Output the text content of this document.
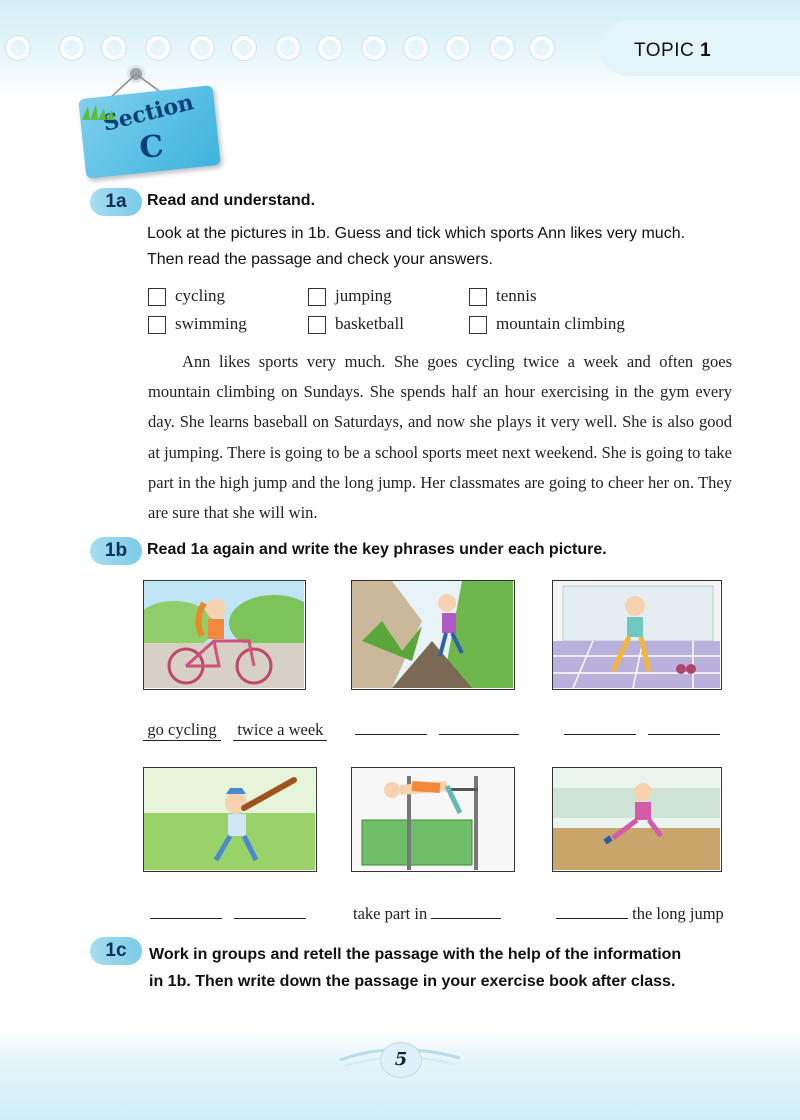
TOPIC 1
Section
C
1a	Read and understand.
Look at the pictures in 1b. Guess and tick which sports Ann likes very much.
Then read the passage and check your answers.
cycling	jumping	tennis
swimming	basketball	mountain climbing
Ann likes sports very much. She goes cycling twice a week and often goes mountain climbing on Sundays. She spends half an hour exercising in the gym every day. She learns baseball on Saturdays, and now she plays it very well. She is also good at jumping. There is going to be a school sports meet next weekend. She is going to take part in the high jump and the long jump. Her classmates are going to cheer her on. They are sure that she will win.
1b	Read 1a again and write the key phrases under each picture.
go cycling twice a week

take part in	the long jump
1c	Work in groups and retell the passage with the help of the information
in 1b. Then write down the passage in your exercise book after class.
5
